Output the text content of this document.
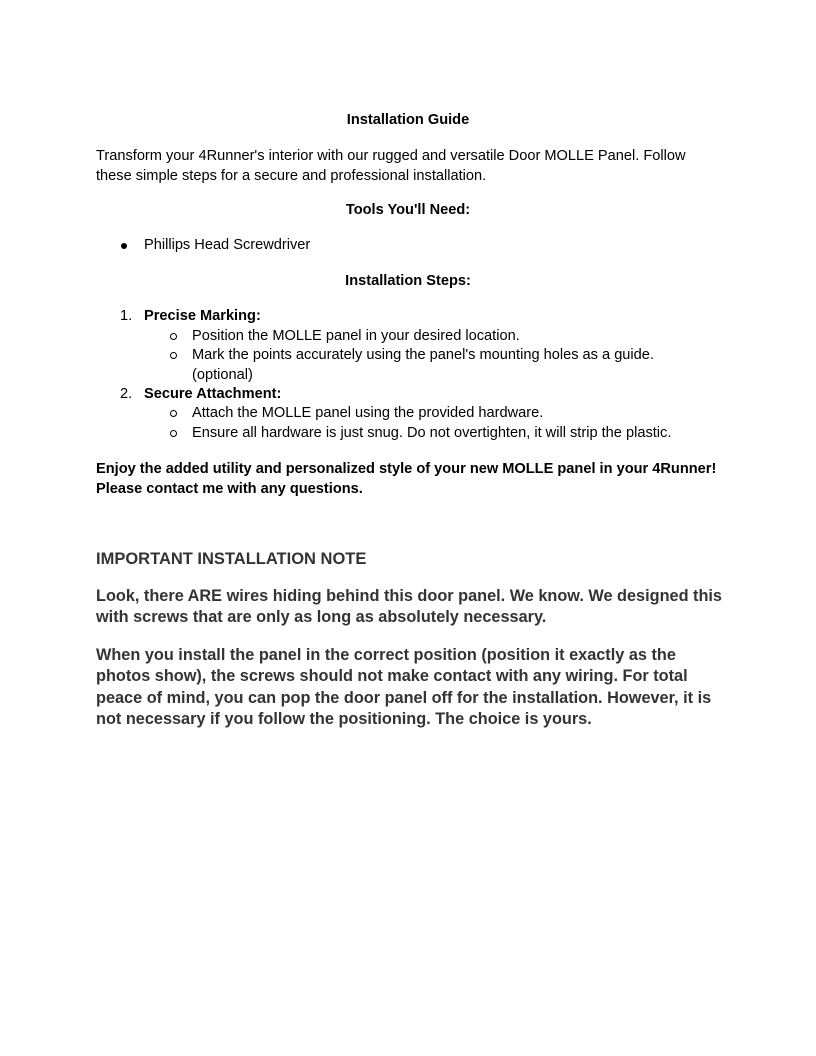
Installation Guide
Transform your 4Runner's interior with our rugged and versatile Door MOLLE Panel. Follow these simple steps for a secure and professional installation.
Tools You'll Need:
Phillips Head Screwdriver
Installation Steps:
1. Precise Marking:
Position the MOLLE panel in your desired location.
Mark the points accurately using the panel's mounting holes as a guide. (optional)
2. Secure Attachment:
Attach the MOLLE panel using the provided hardware.
Ensure all hardware is just snug. Do not overtighten, it will strip the plastic.
Enjoy the added utility and personalized style of your new MOLLE panel in your 4Runner! Please contact me with any questions.
IMPORTANT INSTALLATION NOTE
Look, there ARE wires hiding behind this door panel. We know. We designed this with screws that are only as long as absolutely necessary.
When you install the panel in the correct position (position it exactly as the photos show), the screws should not make contact with any wiring. For total peace of mind, you can pop the door panel off for the installation. However, it is not necessary if you follow the positioning. The choice is yours.
